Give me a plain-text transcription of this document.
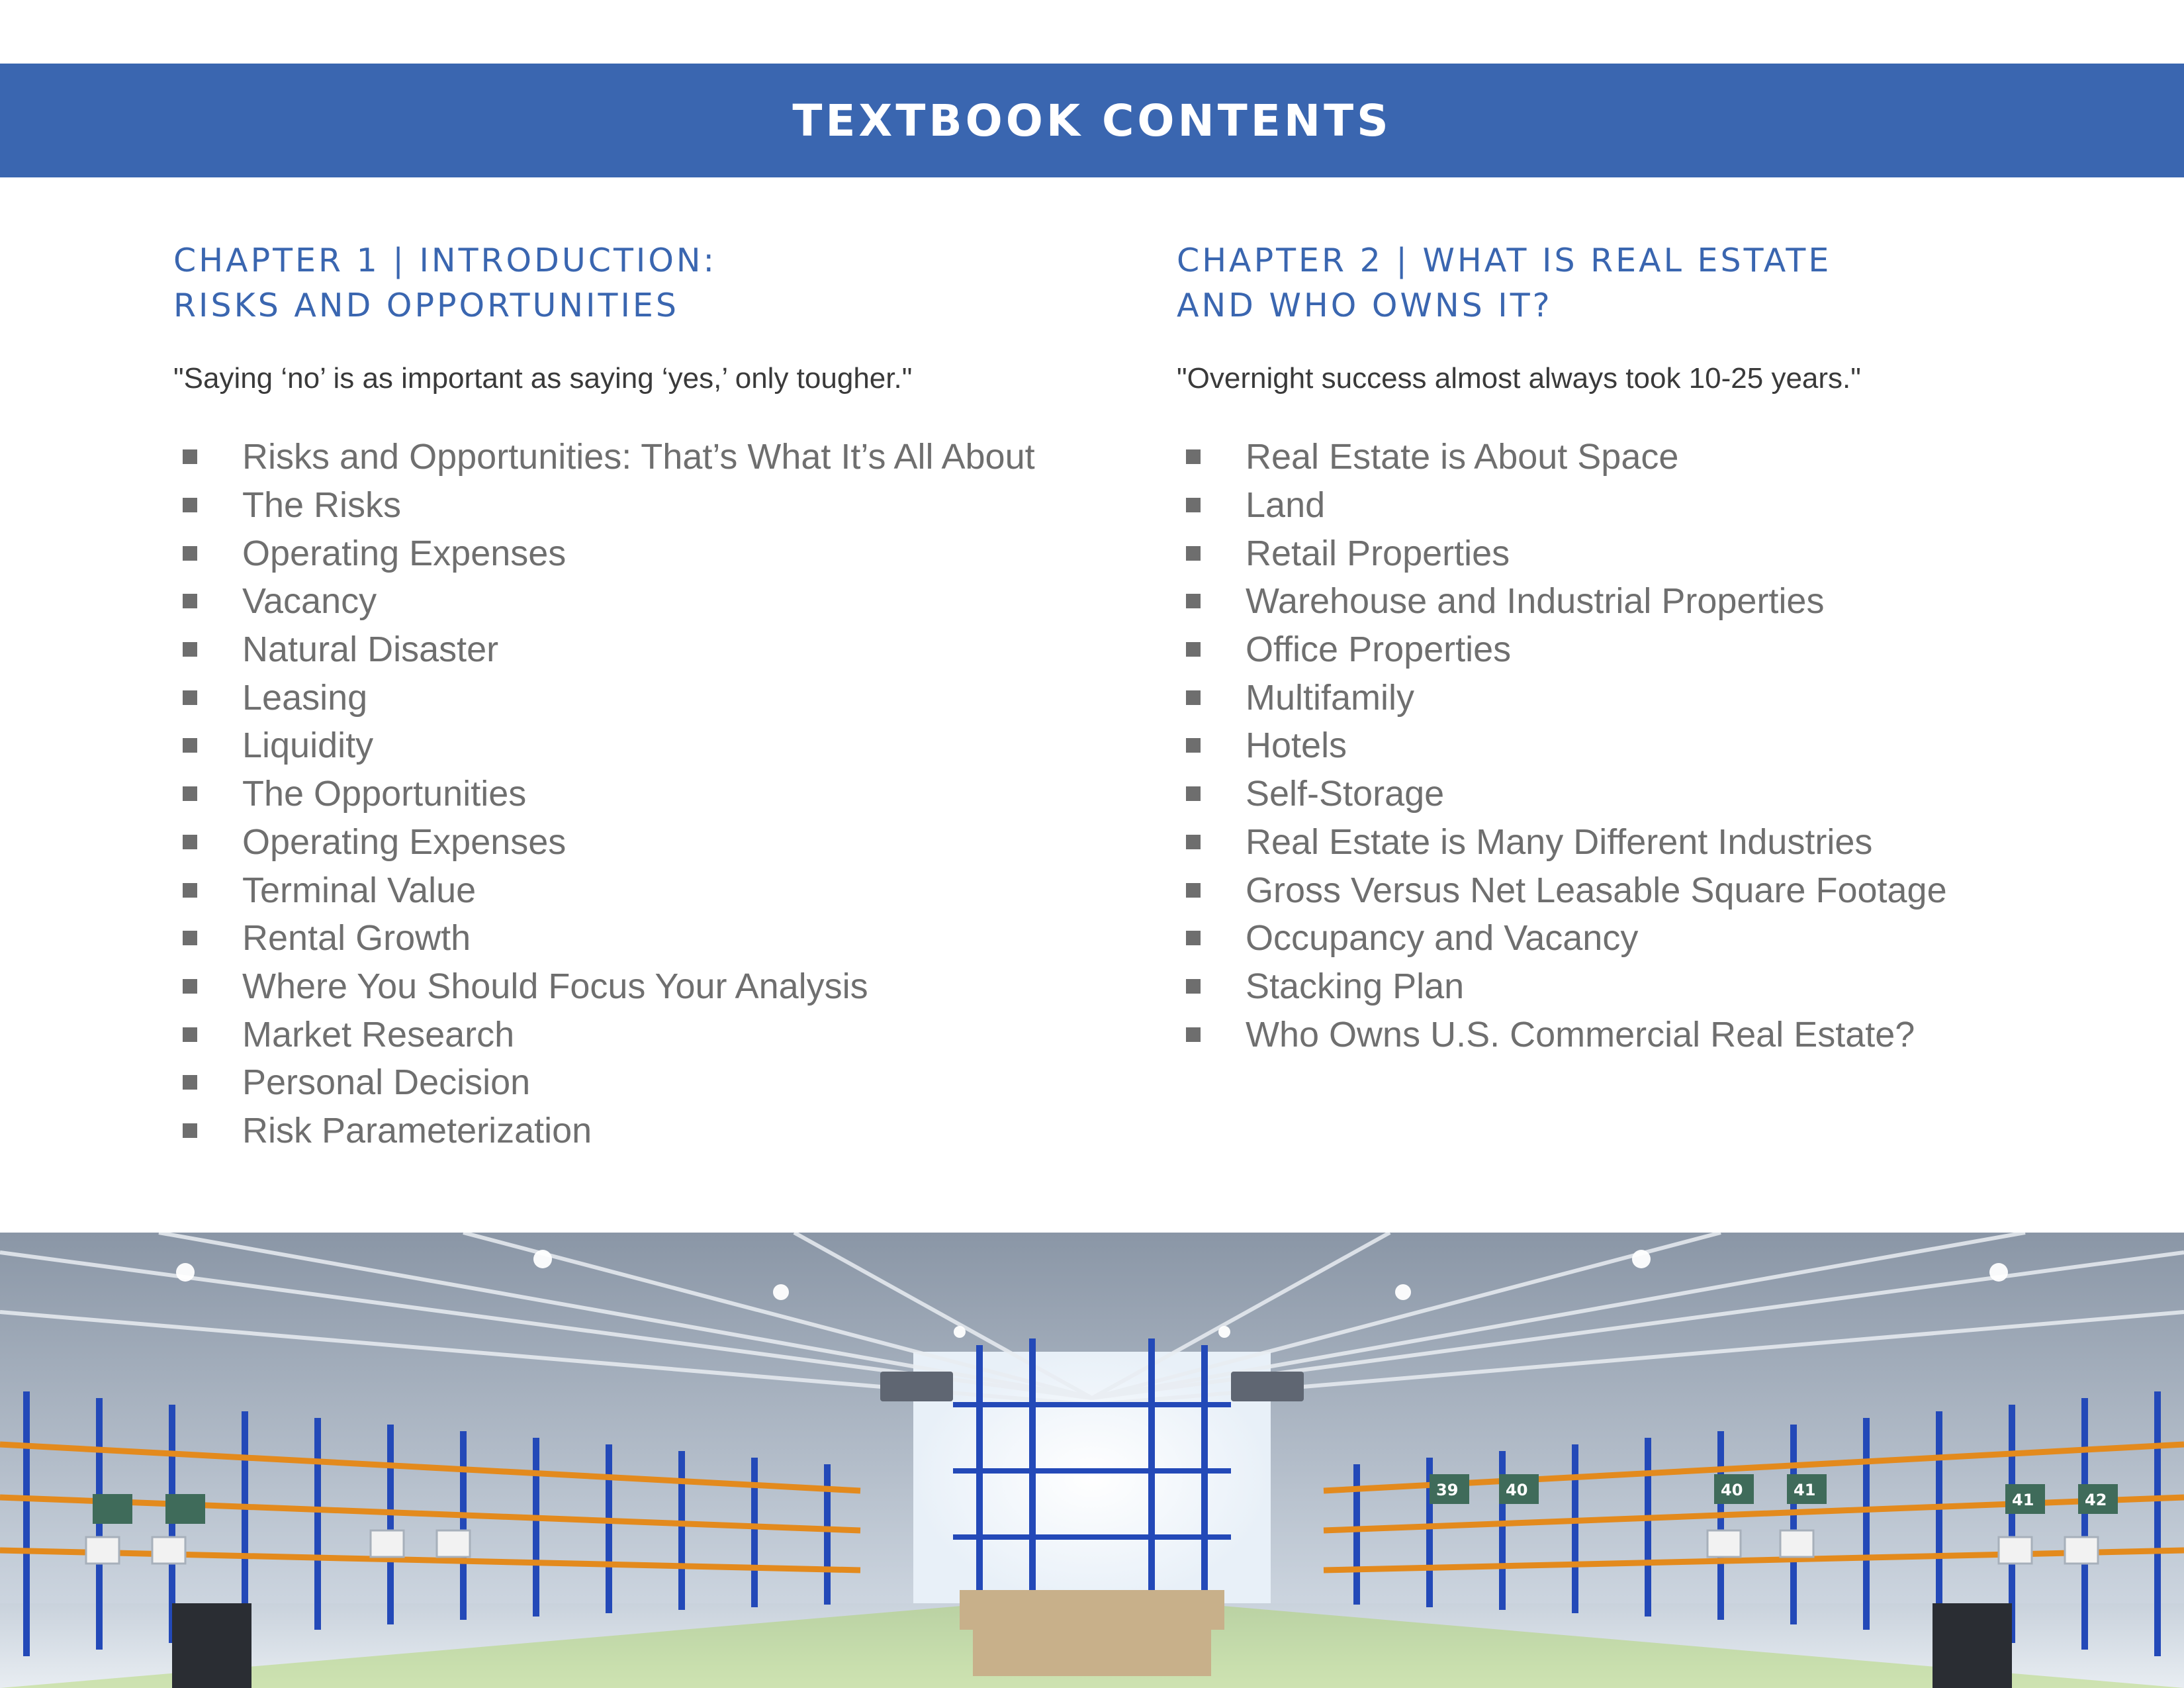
TEXTBOOK CONTENTS
CHAPTER 1 | INTRODUCTION:
RISKS AND OPPORTUNITIES

"Saying ‘no’ is as important as saying ‘yes,’ only tougher."

Risks and Opportunities: That’s What It’s All About
The Risks
Operating Expenses
Vacancy
Natural Disaster
Leasing
Liquidity
The Opportunities
Operating Expenses
Terminal Value
Rental Growth
Where You Should Focus Your Analysis
Market Research
Personal Decision
Risk Parameterization
CHAPTER 2 | WHAT IS REAL ESTATE
AND WHO OWNS IT?

"Overnight success almost always took 10-25 years."

Real Estate is About Space
Land
Retail Properties
Warehouse and Industrial Properties
Office Properties
Multifamily
Hotels
Self-Storage
Real Estate is Many Different Industries
Gross Versus Net Leasable Square Footage
Occupancy and Vacancy
Stacking Plan
Who Owns U.S. Commercial Real Estate?
39	40	40	41
41	42
